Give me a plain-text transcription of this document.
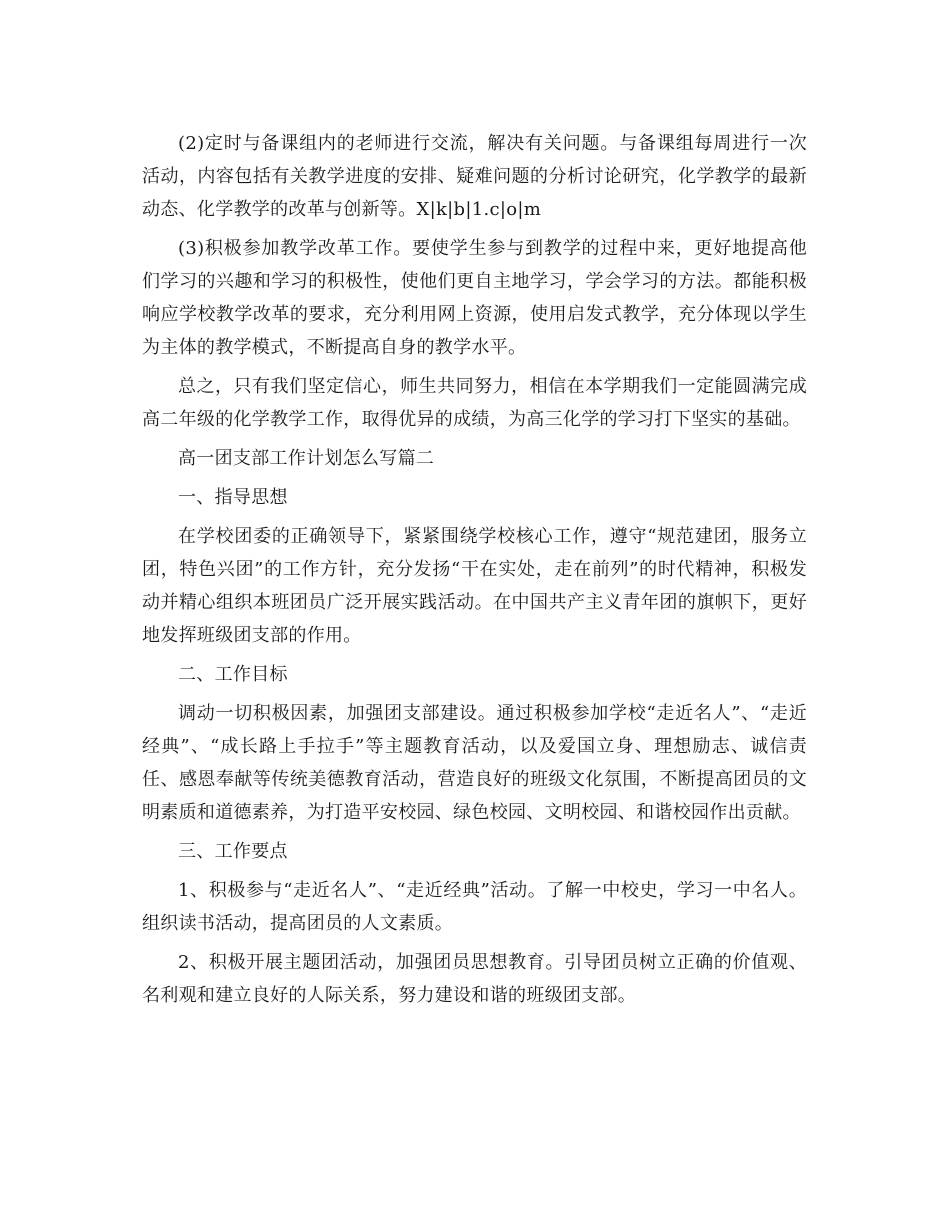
(2)定时与备课组内的老师进行交流，解决有关问题。与备课组每周进行一次活动，内容包括有关教学进度的安排、疑难问题的分析讨论研究，化学教学的最新动态、化学教学的改革与创新等。X|k|b|1.c|o|m

(3)积极参加教学改革工作。要使学生参与到教学的过程中来，更好地提高他们学习的兴趣和学习的积极性，使他们更自主地学习，学会学习的方法。都能积极响应学校教学改革的要求，充分利用网上资源，使用启发式教学，充分体现以学生为主体的教学模式，不断提高自身的教学水平。

总之，只有我们坚定信心，师生共同努力，相信在本学期我们一定能圆满完成高二年级的化学教学工作，取得优异的成绩，为高三化学的学习打下坚实的基础。

高一团支部工作计划怎么写篇二

一、指导思想

在学校团委的正确领导下，紧紧围绕学校核心工作，遵守“规范建团，服务立团，特色兴团”的工作方针，充分发扬“干在实处，走在前列”的时代精神，积极发动并精心组织本班团员广泛开展实践活动。在中国共产主义青年团的旗帜下，更好地发挥班级团支部的作用。

二、工作目标

调动一切积极因素，加强团支部建设。通过积极参加学校“走近名人”、“走近经典”、“成长路上手拉手”等主题教育活动，以及爱国立身、理想励志、诚信责任、感恩奉献等传统美德教育活动，营造良好的班级文化氛围，不断提高团员的文明素质和道德素养，为打造平安校园、绿色校园、文明校园、和谐校园作出贡献。

三、工作要点

1、积极参与“走近名人”、“走近经典”活动。了解一中校史，学习一中名人。组织读书活动，提高团员的人文素质。

2、积极开展主题团活动，加强团员思想教育。引导团员树立正确的价值观、名利观和建立良好的人际关系，努力建设和谐的班级团支部。
